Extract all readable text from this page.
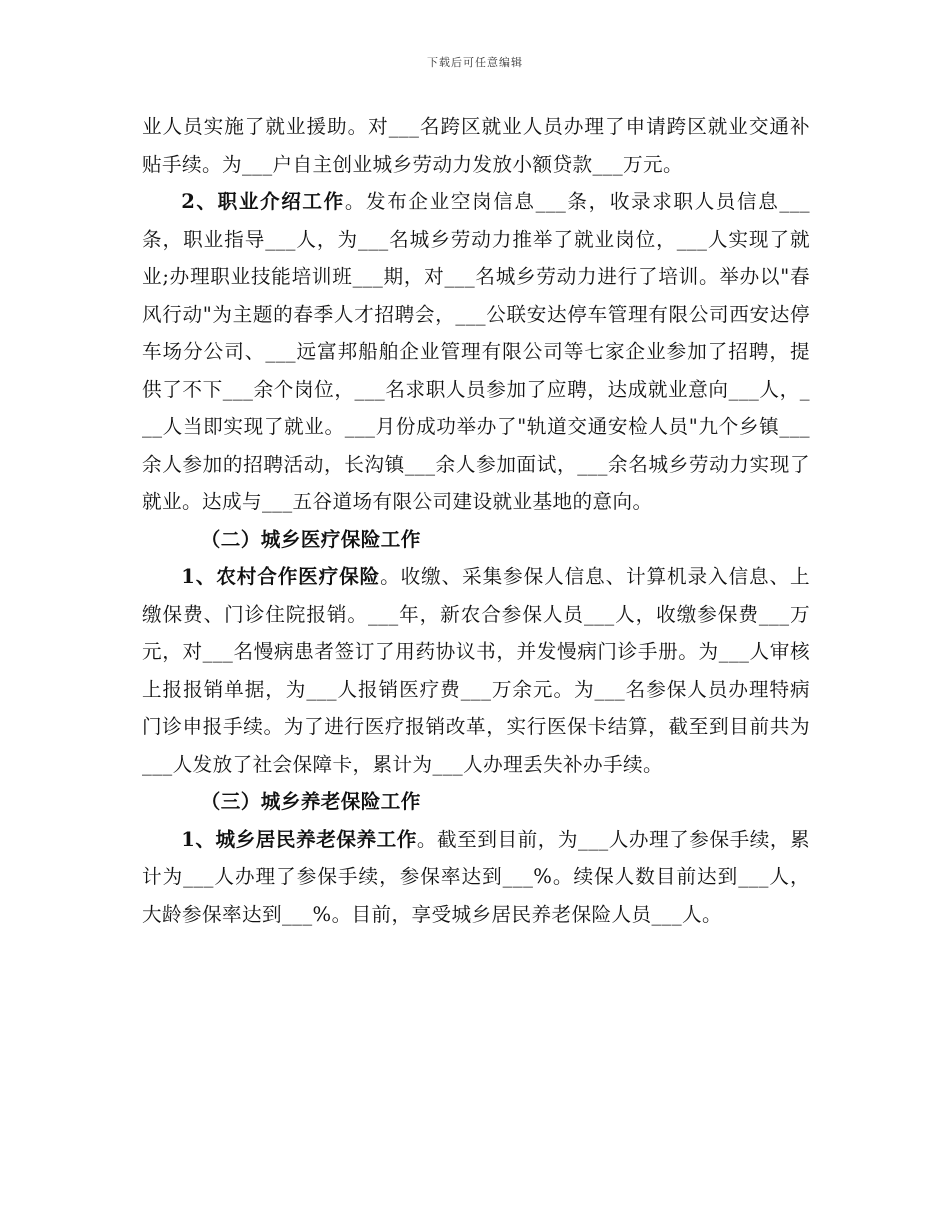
下载后可任意编辑

业人员实施了就业援助。对___名跨区就业人员办理了申请跨区就业交通补贴手续。为___户自主创业城乡劳动力发放小额贷款___万元。

2、职业介绍工作。发布企业空岗信息___条，收录求职人员信息___条，职业指导___人，为___名城乡劳动力推举了就业岗位，___人实现了就业;办理职业技能培训班___期，对___名城乡劳动力进行了培训。举办以"春风行动"为主题的春季人才招聘会，___公联安达停车管理有限公司西安达停车场分公司、___远富邦船舶企业管理有限公司等七家企业参加了招聘，提供了不下___余个岗位，___名求职人员参加了应聘，达成就业意向___人，___人当即实现了就业。___月份成功举办了"轨道交通安检人员"九个乡镇___余人参加的招聘活动，长沟镇___余人参加面试，___余名城乡劳动力实现了就业。达成与___五谷道场有限公司建设就业基地的意向。

（二）城乡医疗保险工作

1、农村合作医疗保险。收缴、采集参保人信息、计算机录入信息、上缴保费、门诊住院报销。___年，新农合参保人员___人，收缴参保费___万元，对___名慢病患者签订了用药协议书，并发慢病门诊手册。为___人审核上报报销单据，为___人报销医疗费___万余元。为___名参保人员办理特病门诊申报手续。为了进行医疗报销改革，实行医保卡结算，截至到目前共为___人发放了社会保障卡，累计为___人办理丢失补办手续。

（三）城乡养老保险工作

1、城乡居民养老保养工作。截至到目前，为___人办理了参保手续，累计为___人办理了参保手续，参保率达到___%。续保人数目前达到___人，大龄参保率达到___%。目前，享受城乡居民养老保险人员___人。
